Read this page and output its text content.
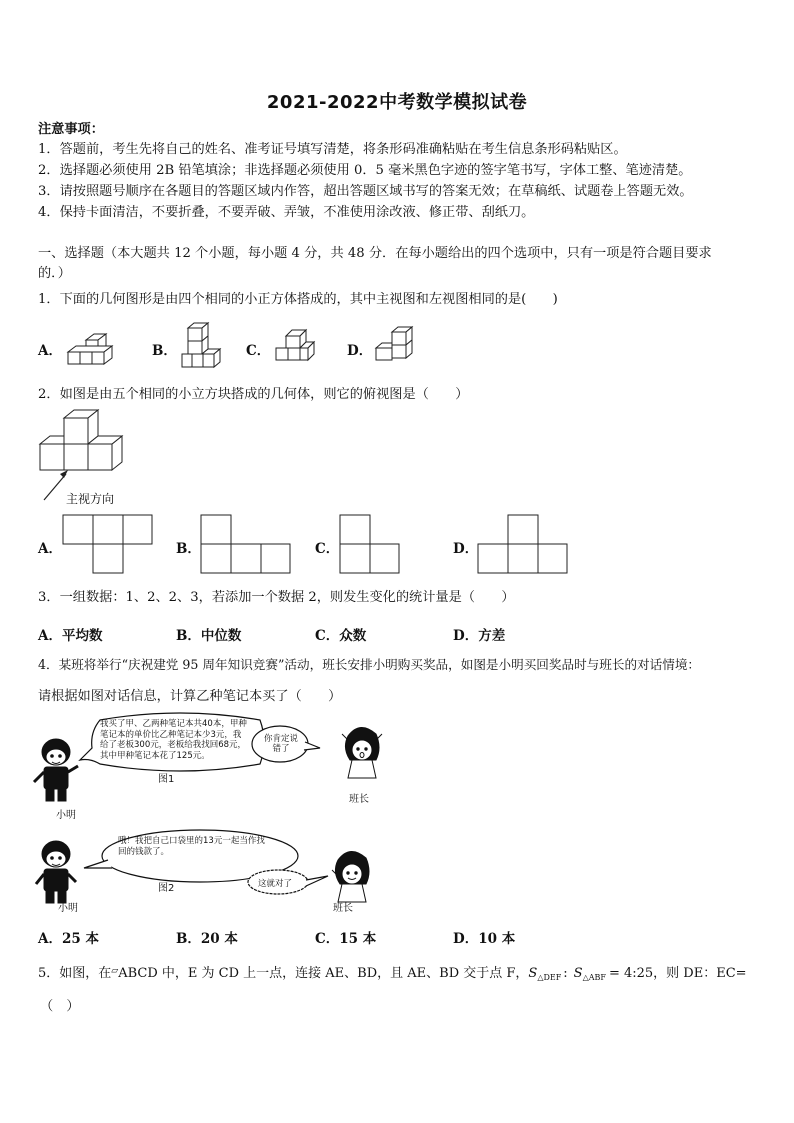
2021-2022中考数学模拟试卷
注意事项：
1．答题前，考生先将自己的姓名、准考证号填写清楚，将条形码准确粘贴在考生信息条形码粘贴区。
2．选择题必须使用 2B 铅笔填涂；非选择题必须使用 0．5 毫米黑色字迹的签字笔书写，字体工整、笔迹清楚。
3．请按照题号顺序在各题目的答题区域内作答，超出答题区域书写的答案无效；在草稿纸、试题卷上答题无效。
4．保持卡面清洁，不要折叠，不要弄破、弄皱，不准使用涂改液、修正带、刮纸刀。
一、选择题（本大题共 12 个小题，每小题 4 分，共 48 分．在每小题给出的四个选项中，只有一项是符合题目要求
的．）
1．下面的几何图形是由四个相同的小正方体搭成的，其中主视图和左视图相同的是(　　)
A．	B．	C．	D．
2．如图是由五个相同的小立方块搭成的几何体，则它的俯视图是（　　）
主视方向
A．	B．	C．	D．
3．一组数据：1、2、2、3，若添加一个数据 2，则发生变化的统计量是（　　）
A．平均数	B．中位数	C．众数	D．方差
4．某班将举行“庆祝建党 95 周年知识竞赛”活动，班长安排小明购买奖品，如图是小明买回奖品时与班长的对话情境：
请根据如图对话信息，计算乙种笔记本买了（　　）
我买了甲、乙两种笔记本共40本，甲种
笔记本的单价比乙种笔记本少3元，我
给了老板300元，老板给我找回68元，
其中甲种笔记本花了125元。
你肯定说
错了
图1
小明
班长
哦！我把自己口袋里的13元一起当作找
回的钱款了。
这就对了
图2
小明	班长
A．25 本	B．20 本	C．15 本	D．10 本
5．如图，在▱ABCD 中，E 为 CD 上一点，连接 AE、BD，且 AE、BD 交于点 F，$S_{\triangle DEF}$ : $S_{\triangle ABF}$ = 4:25，则 DE：EC=
（　）
